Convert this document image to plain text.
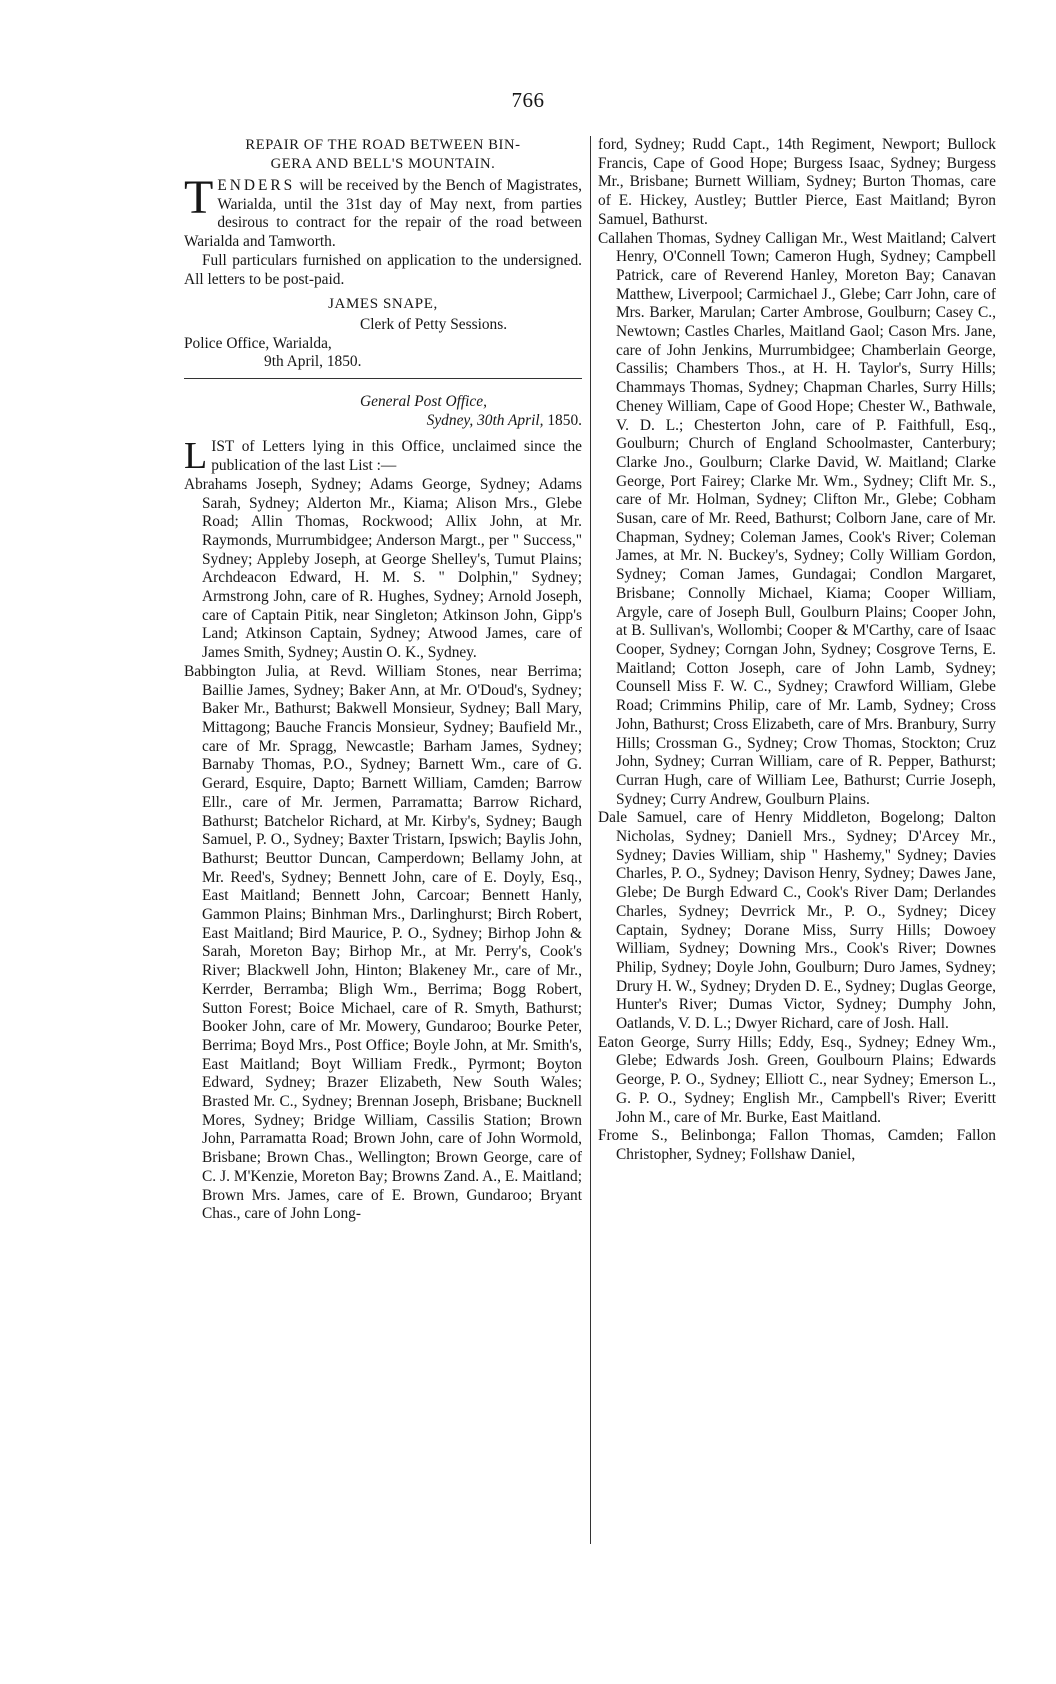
766

REPAIR OF THE ROAD BETWEEN BIN-
GERA AND BELL'S MOUNTAIN.

TENDERS will be received by the Bench of Magistrates, Warialda, until the 31st day of May next, from parties desirous to contract for the repair of the road between Warialda and Tamworth.

Full particulars furnished on application to the undersigned. All letters to be post-paid.

JAMES SNAPE,

Clerk of Petty Sessions.

Police Office, Warialda,

9th April, 1850.

General Post Office,

Sydney, 30th April, 1850.

LIST of Letters lying in this Office, unclaimed since the publication of the last List :—

Abrahams Joseph, Sydney; Adams George, Sydney; Adams Sarah, Sydney; Alderton Mr., Kiama; Alison Mrs., Glebe Road; Allin Thomas, Rockwood; Allix John, at Mr. Raymonds, Murrumbidgee; Anderson Margt., per " Success," Sydney; Appleby Joseph, at George Shelley's, Tumut Plains; Archdeacon Edward, H. M. S. " Dolphin," Sydney; Armstrong John, care of R. Hughes, Sydney; Arnold Joseph, care of Captain Pitik, near Singleton; Atkinson John, Gipp's Land; Atkinson Captain, Sydney; Atwood James, care of James Smith, Sydney; Austin O. K., Sydney.

Babbington Julia, at Revd. William Stones, near Berrima; Baillie James, Sydney; Baker Ann, at Mr. O'Doud's, Sydney; Baker Mr., Bathurst; Bakwell Monsieur, Sydney; Ball Mary, Mittagong; Bauche Francis Monsieur, Sydney; Baufield Mr., care of Mr. Spragg, Newcastle; Barham James, Sydney; Barnaby Thomas, P.O., Sydney; Barnett Wm., care of G. Gerard, Esquire, Dapto; Barnett William, Camden; Barrow Ellr., care of Mr. Jermen, Parramatta; Barrow Richard, Bathurst; Batchelor Richard, at Mr. Kirby's, Sydney; Baugh Samuel, P. O., Sydney; Baxter Tristarn, Ipswich; Baylis John, Bathurst; Beuttor Duncan, Camperdown; Bellamy John, at Mr. Reed's, Sydney; Bennett John, care of E. Doyly, Esq., East Maitland; Bennett John, Carcoar; Bennett Hanly, Gammon Plains; Binhman Mrs., Darlinghurst; Birch Robert, East Maitland; Bird Maurice, P. O., Sydney; Birhop John & Sarah, Moreton Bay; Birhop Mr., at Mr. Perry's, Cook's River; Blackwell John, Hinton; Blakeney Mr., care of Mr., Kerrder, Berramba; Bligh Wm., Berrima; Bogg Robert, Sutton Forest; Boice Michael, care of R. Smyth, Bathurst; Booker John, care of Mr. Mowery, Gundaroo; Bourke Peter, Berrima; Boyd Mrs., Post Office; Boyle John, at Mr. Smith's, East Maitland; Boyt William Fredk., Pyrmont; Boyton Edward, Sydney; Brazer Elizabeth, New South Wales; Brasted Mr. C., Sydney; Brennan Joseph, Brisbane; Bucknell Mores, Sydney; Bridge William, Cassilis Station; Brown John, Parramatta Road; Brown John, care of John Wormold, Brisbane; Brown Chas., Wellington; Brown George, care of C. J. M'Kenzie, Moreton Bay; Browns Zand. A., E. Maitland; Brown Mrs. James, care of E. Brown, Gundaroo; Bryant Chas., care of John Long-

ford, Sydney; Rudd Capt., 14th Regiment, Newport; Bullock Francis, Cape of Good Hope; Burgess Isaac, Sydney; Burgess Mr., Brisbane; Burnett William, Sydney; Burton Thomas, care of E. Hickey, Austley; Buttler Pierce, East Maitland; Byron Samuel, Bathurst.

Callahen Thomas, Sydney Calligan Mr., West Maitland; Calvert Henry, O'Connell Town; Cameron Hugh, Sydney; Campbell Patrick, care of Reverend Hanley, Moreton Bay; Canavan Matthew, Liverpool; Carmichael J., Glebe; Carr John, care of Mrs. Barker, Marulan; Carter Ambrose, Goulburn; Casey C., Newtown; Castles Charles, Maitland Gaol; Cason Mrs. Jane, care of John Jenkins, Murrumbidgee; Chamberlain George, Cassilis; Chambers Thos., at H. H. Taylor's, Surry Hills; Chammays Thomas, Sydney; Chapman Charles, Surry Hills; Cheney William, Cape of Good Hope; Chester W., Bathwale, V. D. L.; Chesterton John, care of P. Faithfull, Esq., Goulburn; Church of England Schoolmaster, Canterbury; Clarke Jno., Goulburn; Clarke David, W. Maitland; Clarke George, Port Fairey; Clarke Mr. Wm., Sydney; Clift Mr. S., care of Mr. Holman, Sydney; Clifton Mr., Glebe; Cobham Susan, care of Mr. Reed, Bathurst; Colborn Jane, care of Mr. Chapman, Sydney; Coleman James, Cook's River; Coleman James, at Mr. N. Buckey's, Sydney; Colly William Gordon, Sydney; Coman James, Gundagai; Condlon Margaret, Brisbane; Connolly Michael, Kiama; Cooper William, Argyle, care of Joseph Bull, Goulburn Plains; Cooper John, at B. Sullivan's, Wollombi; Cooper & M'Carthy, care of Isaac Cooper, Sydney; Corngan John, Sydney; Cosgrove Terns, E. Maitland; Cotton Joseph, care of John Lamb, Sydney; Counsell Miss F. W. C., Sydney; Crawford William, Glebe Road; Crimmins Philip, care of Mr. Lamb, Sydney; Cross John, Bathurst; Cross Elizabeth, care of Mrs. Branbury, Surry Hills; Crossman G., Sydney; Crow Thomas, Stockton; Cruz John, Sydney; Curran William, care of R. Pepper, Bathurst; Curran Hugh, care of William Lee, Bathurst; Currie Joseph, Sydney; Curry Andrew, Goulburn Plains.

Dale Samuel, care of Henry Middleton, Bogelong; Dalton Nicholas, Sydney; Daniell Mrs., Sydney; D'Arcey Mr., Sydney; Davies William, ship " Hashemy," Sydney; Davies Charles, P. O., Sydney; Davison Henry, Sydney; Dawes Jane, Glebe; De Burgh Edward C., Cook's River Dam; Derlandes Charles, Sydney; Devrrick Mr., P. O., Sydney; Dicey Captain, Sydney; Dorane Miss, Surry Hills; Dowoey William, Sydney; Downing Mrs., Cook's River; Downes Philip, Sydney; Doyle John, Goulburn; Duro James, Sydney; Drury H. W., Sydney; Dryden D. E., Sydney; Duglas George, Hunter's River; Dumas Victor, Sydney; Dumphy John, Oatlands, V. D. L.; Dwyer Richard, care of Josh. Hall.

Eaton George, Surry Hills; Eddy, Esq., Sydney; Edney Wm., Glebe; Edwards Josh. Green, Goulbourn Plains; Edwards George, P. O., Sydney; Elliott C., near Sydney; Emerson L., G. P. O., Sydney; English Mr., Campbell's River; Everitt John M., care of Mr. Burke, East Maitland.

Frome S., Belinbonga; Fallon Thomas, Camden; Fallon Christopher, Sydney; Follshaw Daniel,
